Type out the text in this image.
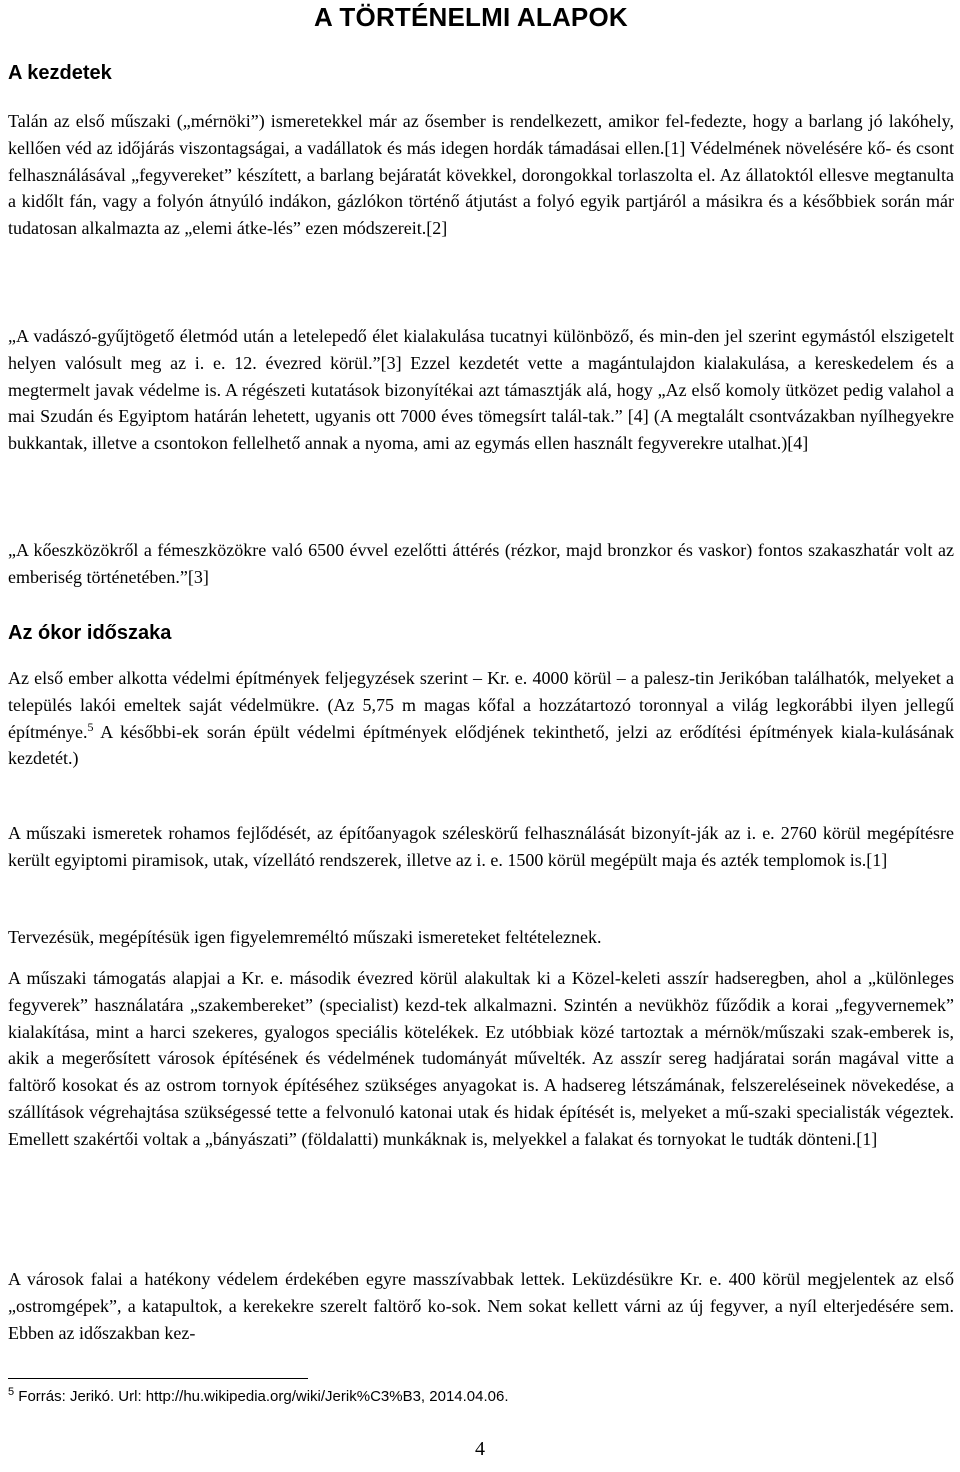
A TÖRTÉNELMI ALAPOK
A kezdetek

Talán az első műszaki („mérnöki”) ismeretekkel már az ősember is rendelkezett, amikor fel-fedezte, hogy a barlang jó lakóhely, kellően véd az időjárás viszontagságai, a vadállatok és más idegen hordák támadásai ellen.[1] Védelmének növelésére kő- és csont felhasználásával „fegyvereket” készített, a barlang bejáratát kövekkel, dorongokkal torlaszolta el. Az állatoktól ellesve megtanulta a kidőlt fán, vagy a folyón átnyúló indákon, gázlókon történő átjutást a folyó egyik partjáról a másikra és a későbbiek során már tudatosan alkalmazta az „elemi átke-lés” ezen módszereit.[2]

„A vadászó-gyűjtögető életmód után a letelepedő élet kialakulása tucatnyi különböző, és min-den jel szerint egymástól elszigetelt helyen valósult meg az i. e. 12. évezred körül.”[3] Ezzel kezdetét vette a magántulajdon kialakulása, a kereskedelem és a megtermelt javak védelme is. A régészeti kutatások bizonyítékai azt támasztják alá, hogy „Az első komoly ütközet pedig valahol a mai Szudán és Egyiptom határán lehetett, ugyanis ott 7000 éves tömegsírt talál-tak.” [4] (A megtalált csontvázakban nyílhegyekre bukkantak, illetve a csontokon fellelhető annak a nyoma, ami az egymás ellen használt fegyverekre utalhat.)[4]

„A kőeszközökről a fémeszközökre való 6500 évvel ezelőtti áttérés (rézkor, majd bronzkor és vaskor) fontos szakaszhatár volt az emberiség történetében.”[3]

Az ókor időszaka

Az első ember alkotta védelmi építmények feljegyzések szerint – Kr. e. 4000 körül – a palesz-tin Jerikóban találhatók, melyeket a település lakói emeltek saját védelmükre. (Az 5,75 m magas kőfal a hozzátartozó toronnyal a világ legkorábbi ilyen jellegű építménye.$^5$ A későbbi-ek során épült védelmi építmények elődjének tekinthető, jelzi az erődítési építmények kiala-kulásának kezdetét.)

A műszaki ismeretek rohamos fejlődését, az építőanyagok széleskörű felhasználását bizonyít-ják az i. e. 2760 körül megépítésre került egyiptomi piramisok, utak, vízellátó rendszerek, illetve az i. e. 1500 körül megépült maja és azték templomok is.[1]

Tervezésük, megépítésük igen figyelemreméltó műszaki ismereteket feltételeznek.

A műszaki támogatás alapjai a Kr. e. második évezred körül alakultak ki a Közel-keleti asszír hadseregben, ahol a „különleges fegyverek” használatára „szakembereket” (specialist) kezd-tek alkalmazni. Szintén a nevükhöz fűződik a korai „fegyvernemek” kialakítása, mint a harci szekeres, gyalogos speciális kötelékek. Ez utóbbiak közé tartoztak a mérnök/műszaki szak-emberek is, akik a megerősített városok építésének és védelmének tudományát művelték. Az asszír sereg hadjáratai során magával vitte a faltörő kosokat és az ostrom tornyok építéséhez szükséges anyagokat is. A hadsereg létszámának, felszereléseinek növekedése, a szállítások végrehajtása szükségessé tette a felvonuló katonai utak és hidak építését is, melyeket a mű-szaki specialisták végeztek. Emellett szakértői voltak a „bányászati” (földalatti) munkáknak is, melyekkel a falakat és tornyokat le tudták dönteni.[1]

A városok falai a hatékony védelem érdekében egyre masszívabbak lettek. Leküzdésükre Kr. e. 400 körül megjelentek az első „ostromgépek”, a katapultok, a kerekekre szerelt faltörő ko-sok. Nem sokat kellett várni az új fegyver, a nyíl elterjedésére sem. Ebben az időszakban kez-

$^5$ Forrás: Jerikó. Url: http://hu.wikipedia.org/wiki/Jerik%C3%B3, 2014.04.06.

4
